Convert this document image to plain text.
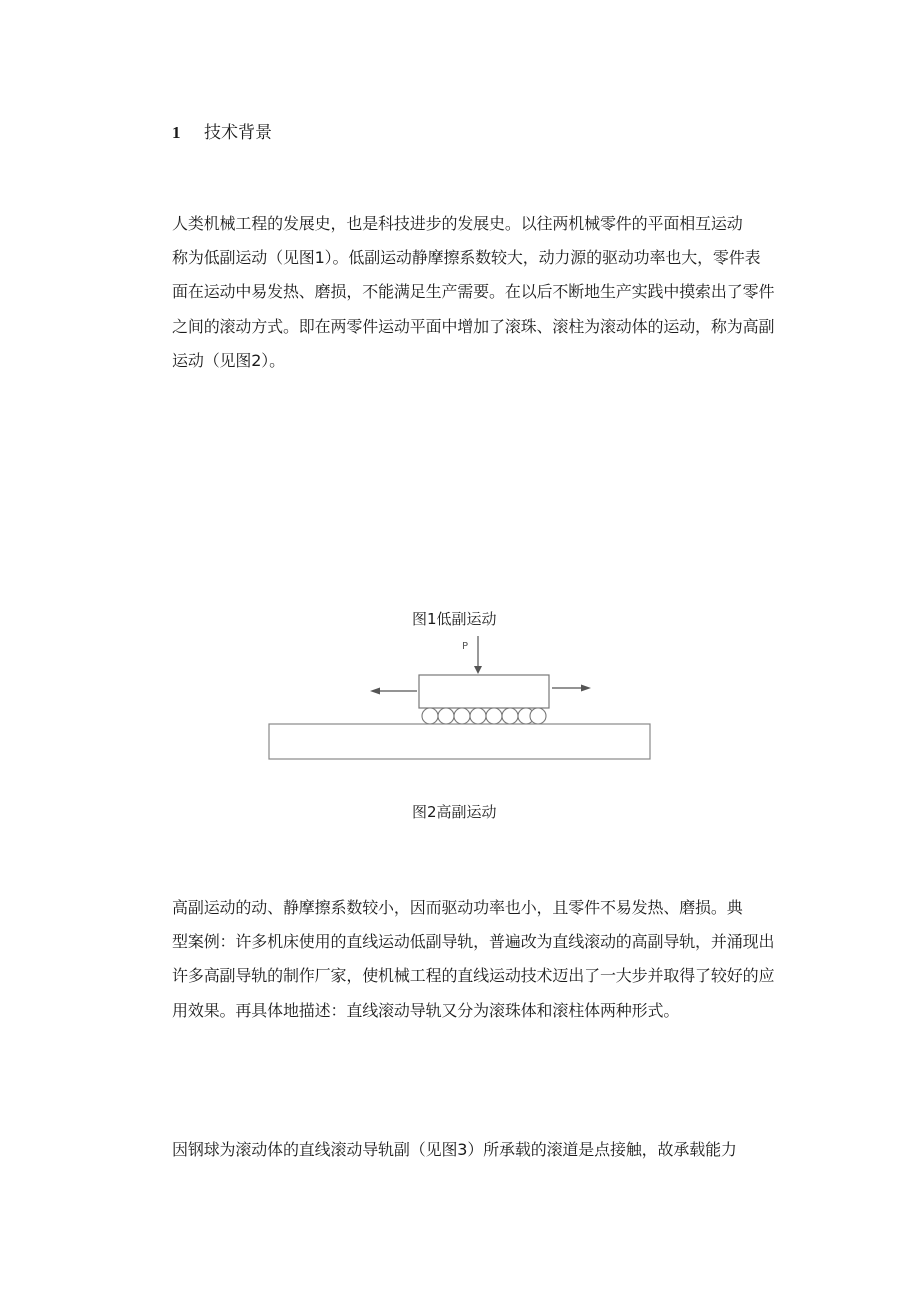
1 技术背景
人类机械工程的发展史，也是科技进步的发展史。以往两机械零件的平面相互运动
称为低副运动（见图1）。低副运动静摩擦系数较大，动力源的驱动功率也大，零件表
面在运动中易发热、磨损，不能满足生产需要。在以后不断地生产实践中摸索出了零件
之间的滚动方式。即在两零件运动平面中增加了滚珠、滚柱为滚动体的运动，称为高副
运动（见图2）。
图1低副运动
P
图2高副运动
高副运动的动、静摩擦系数较小，因而驱动功率也小，且零件不易发热、磨损。典
型案例：许多机床使用的直线运动低副导轨，普遍改为直线滚动的高副导轨，并涌现出
许多高副导轨的制作厂家，使机械工程的直线运动技术迈出了一大步并取得了较好的应
用效果。再具体地描述：直线滚动导轨又分为滚珠体和滚柱体两种形式。
因钢球为滚动体的直线滚动导轨副（见图3）所承载的滚道是点接触，故承载能力
